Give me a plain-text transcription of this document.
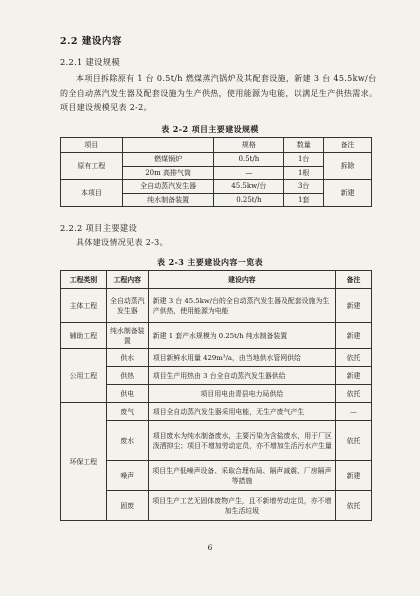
2.2 建设内容
2.2.1 建设规模
本项目拆除原有 1 台 0.5t/h 燃煤蒸汽锅炉及其配套设施，新建 3 台 45.5kw/台的全自动蒸汽发生器及配套设施为生产供热，使用能源为电能，以满足生产供热需求。项目建设规模见表 2-2。
表 2-2 项目主要建设规模
项目		规格	数量	备注
原有工程	燃煤锅炉	0.5t/h	1台	拆除
	20m 高排气筒	—	1根	
本项目	全自动蒸汽发生器	45.5kw/台	3台	新建
	纯水制备装置	0.25t/h	1套	
2.2.2 项目主要建设
具体建设情况见表 2-3。
表 2-3 主要建设内容一览表
工程类别	工程内容	建设内容	备注
主体工程	全自动蒸汽发生器	新建 3 台 45.5kw/台的全自动蒸汽发生器及配套设施为生产供热，使用能源为电能	新建
辅助工程	纯水制备装置	新建 1 套产水规模为 0.25t/h 纯水制备装置	新建
公用工程	供水	项目新鲜水用量 429m³/a，由当地供水管网供给	依托
	供热	项目生产用热由 3 台全自动蒸汽发生器供给	新建
	供电	项目用电由青县电力局供给	依托
环保工程	废气	项目全自动蒸汽发生器采用电能，无生产废气产生	—
	废水	项目废水为纯水制备废水，主要污染为含盐废水，用于厂区泼洒抑尘；项目不增加劳动定员，亦不增加生活污水产生量	依托
	噪声	项目生产低噪声设备、采取合理布局、隔声减震、厂房隔声等措施	新建
	固废	项目生产工艺无固体废物产生，且不新增劳动定员，亦不增加生活垃圾	依托
6
